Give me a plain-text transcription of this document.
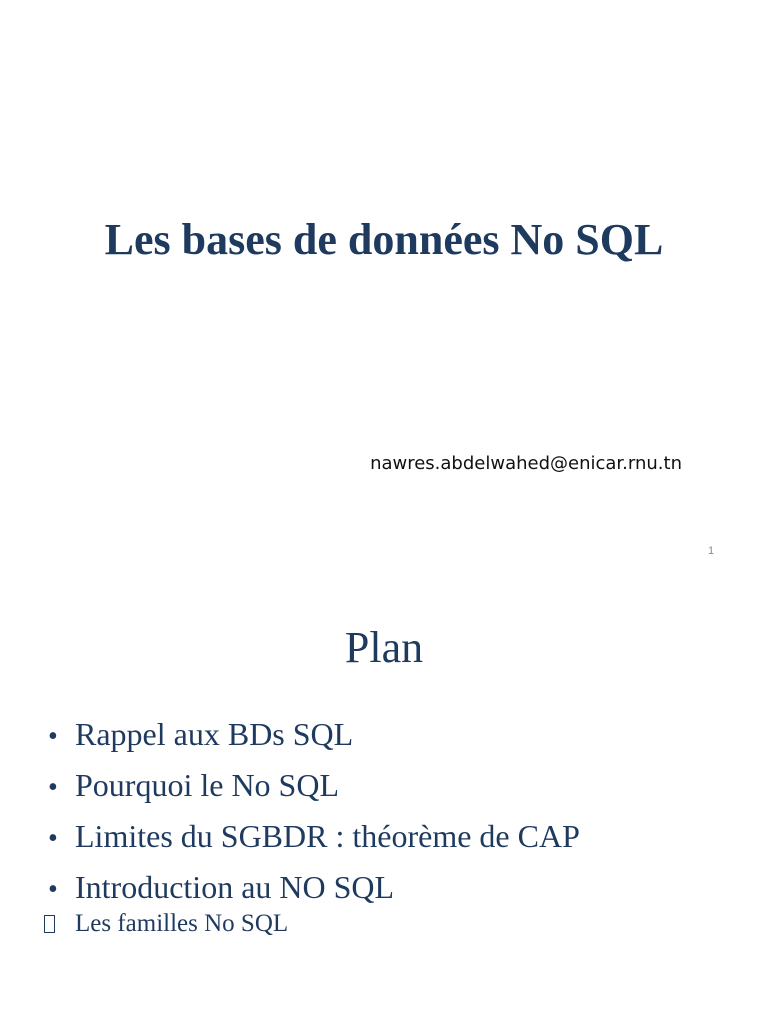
Les bases de données No SQL
nawres.abdelwahed@enicar.rnu.tn
1
Plan
• Rappel aux BDs SQL
• Pourquoi le No SQL
• Limites du SGBDR : théorème de CAP
• Introduction au NO SQL
Les familles No SQL
